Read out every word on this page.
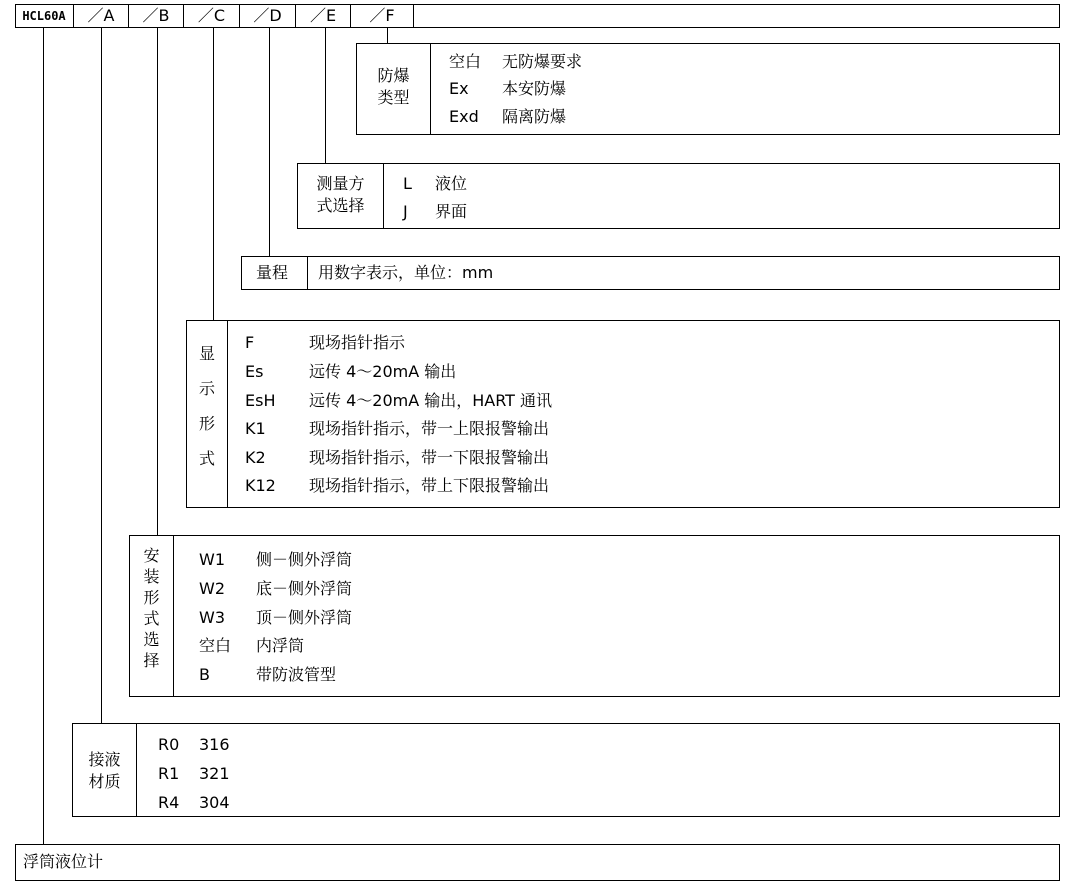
HCL60A	／A	／B	／C	／D	／E	／F
防爆
类型
空白 无防爆要求
Ex 本安防爆
Exd 隔离防爆
测量方
式选择
L 液位
J 界面
量程 用数字表示，单位：mm
显
示
形
式
F	现场指针指示
Es	远传 4～20mA 输出
EsH 远传 4～20mA 输出，HART 通讯
K1	现场指针指示，带一上限报警输出
K2	现场指针指示，带一下限报警输出
K12 现场指针指示，带上下限报警输出
安
装
形
式
选
择
W1 侧－侧外浮筒
W2 底－侧外浮筒
W3 顶－侧外浮筒
空白 内浮筒
B	带防波管型
接液
材质
R0 316
R1 321
R4 304
浮筒液位计
